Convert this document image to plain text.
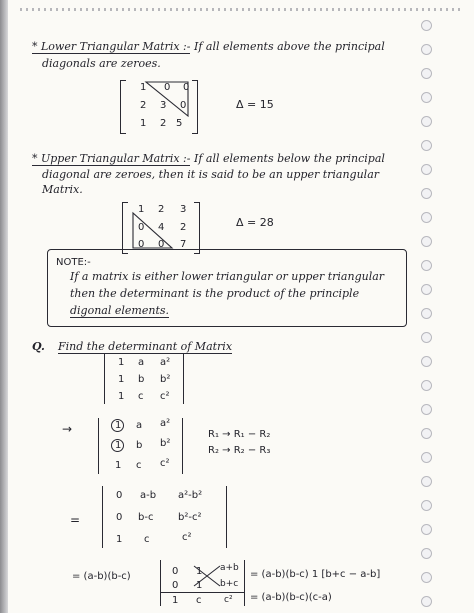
* Lower Triangular Matrix :- If all elements above the principal
diagonals are zeroes.
1 0 0
2 3 0
1 2 5
Δ = 15
* Upper Triangular Matrix :- If all elements below the principal
diagonal are zeroes, then it is said to be an upper triangular
Matrix.
1 2 3
0 4 2
0 0 7
Δ = 28
NOTE:-
If a matrix is either lower triangular or upper triangular
then the determinant is the product of the principle
digonal elements.
Q. Find the determinant of Matrix
1 a a²
1 b b²
1 c c²
→	1 a a²
1 b b²
1 c c²
R₁ → R₁ − R₂
R₂ → R₂ − R₃
=
0 a-b a²-b²
0 b-c b²-c²
1 c	c²
= (a-b)(b-c)	0 1 a+b
0 1 b+c
1 c	c²
= (a-b)(b-c) 1 [b+c − a-b]
= (a-b)(b-c)(c-a)
